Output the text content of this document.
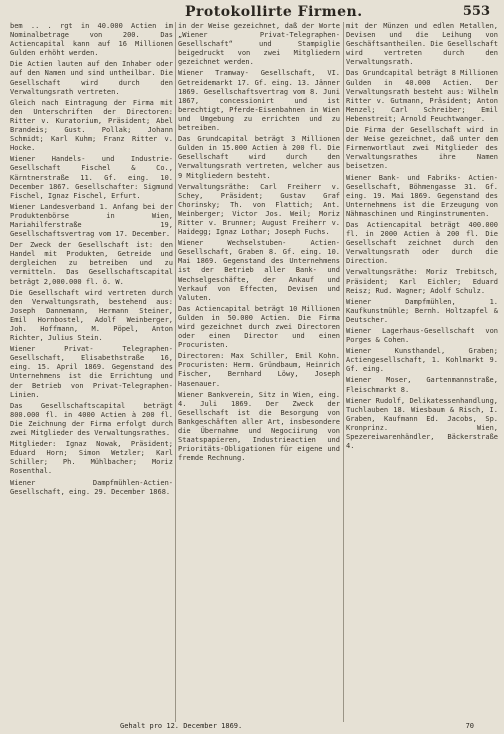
Protokollirte Firmen.	553

bem .. . rgt in 40.000 Actien im Nominalbetrage von 200. Das Actiencapital kann auf 16 Millionen Gulden erhöht werden.

Die Actien lauten auf den Inhaber oder auf den Namen und sind untheilbar. Die Gesellschaft wird durch den Verwaltungsrath vertreten.

Gleich nach Eintragung der Firma mit den Unterschriften der Directoren: Ritter v. Kuratorium, Präsident; Abel Brandeis; Gust. Pollak; Johann Schmidt; Karl Kuhm; Franz Ritter v. Hocke.

Wiener Handels- und Industrie-Gesellschaft Fischel & Co., Kärntnerstraße 11. Gf. eing. 10. December 1867. Gesellschafter: Sigmund Fischel, Ignaz Fischel, Erfurt.

Wiener Landesverband 1. Anfang bei der Produktenbörse in Wien, Mariahilferstraße 19, Gesellschaftsvertrag vom 17. December.

Der Zweck der Gesellschaft ist: den Handel mit Produkten, Getreide und dergleichen zu betreiben und zu vermitteln. Das Gesellschaftscapital beträgt 2,000.000 fl. ö. W.

Die Gesellschaft wird vertreten durch den Verwaltungsrath, bestehend aus: Joseph Dannemann, Hermann Steiner, Emil Hornbostel, Adolf Weinberger, Joh. Hoffmann, M. Pöpel, Anton Richter, Julius Stein.

Wiener Privat- Telegraphen- Gesellschaft, Elisabethstraße 16, eing. 15. April 1869. Gegenstand des Unternehmens ist die Errichtung und der Betrieb von Privat-Telegraphen-Linien.

Das Gesellschaftscapital beträgt 800.000 fl. in 4000 Actien à 200 fl. Die Zeichnung der Firma erfolgt durch zwei Mitglieder des Verwaltungsrathes.

Mitglieder: Ignaz Nowak, Präsident; Eduard Horn; Simon Wetzler; Karl Schiller; Ph. Mühlbacher; Moriz Rosenthal.

Wiener Dampfmühlen-Actien-Gesellschaft, eing. 29. December 1868.

in der Weise gezeichnet, daß der Worte „Wiener Privat-Telegraphen-Gesellschaft“ und Stampiglie beigedruckt von zwei Mitgliedern gezeichnet werden.

Wiener Tramway- Gesellschaft, VI. Getreidemarkt 17. Gf. eing. 13. Jänner 1869. Gesellschaftsvertrag vom 8. Juni 1867, concessionirt und ist berechtigt, Pferde-Eisenbahnen in Wien und Umgebung zu errichten und zu betreiben.

Das Grundcapital beträgt 3 Millionen Gulden in 15.000 Actien à 200 fl. Die Gesellschaft wird durch den Verwaltungsrath vertreten, welcher aus 9 Mitgliedern besteht.

Verwaltungsräthe: Carl Freiherr v. Schey, Präsident; Gustav Graf Chorinsky; Th. von Flattich; Ant. Weinberger; Victor Jos. Weil; Moriz Ritter v. Brunner; August Freiherr v. Haidegg; Ignaz Lothar; Joseph Fuchs.

Wiener Wechselstuben- Actien- Gesellschaft, Graben 8. Gf. eing. 10. Mai 1869. Gegenstand des Unternehmens ist der Betrieb aller Bank- und Wechselgeschäfte, der Ankauf und Verkauf von Effecten, Devisen und Valuten.

Das Actiencapital beträgt 10 Millionen Gulden in 50.000 Actien. Die Firma wird gezeichnet durch zwei Directoren oder einen Director und einen Procuristen.

Directoren: Max Schiller, Emil Kohn. Procuristen: Herm. Gründbaum, Heinrich Fischer, Bernhard Löwy, Joseph Hasenauer.

Wiener Bankverein, Sitz in Wien, eing. 4. Juli 1869. Der Zweck der Gesellschaft ist die Besorgung von Bankgeschäften aller Art, insbesondere die Übernahme und Negociirung von Staatspapieren, Industrieactien und Prioritäts-Obligationen für eigene und fremde Rechnung.

mit der Münzen und edlen Metallen, Devisen und die Leihung von Geschäftsantheilen. Die Gesellschaft wird vertreten durch den Verwaltungsrath.

Das Grundcapital beträgt 8 Millionen Gulden in 40.000 Actien. Der Verwaltungsrath besteht aus: Wilhelm Ritter v. Gutmann, Präsident; Anton Menzel; Carl Schreiber; Emil Hebenstreit; Arnold Feuchtwanger.

Die Firma der Gesellschaft wird in der Weise gezeichnet, daß unter dem Firmenwortlaut zwei Mitglieder des Verwaltungsrathes ihre Namen beisetzen.

Wiener Bank- und Fabriks- Actien- Gesellschaft, Böhmengasse 31. Gf. eing. 19. Mai 1869. Gegenstand des Unternehmens ist die Erzeugung von Nähmaschinen und Ringinstrumenten.

Das Actiencapital beträgt 400.000 fl. in 2000 Actien à 200 fl. Die Gesellschaft zeichnet durch den Verwaltungsrath oder durch die Direction.

Verwaltungsräthe: Moriz Trebitsch, Präsident; Karl Eichler; Eduard Reisz; Rud. Wagner; Adolf Schulz.

Wiener Dampfmühlen, 1. Kaufkunstmühle; Bernh. Holtzapfel & Deutscher.

Wiener Lagerhaus-Gesellschaft von Porges & Cohen.

Wiener Kunsthandel, Graben; Actiengesellschaft, 1. Kohlmarkt 9. Gf. eing.

Wiener Moser, Gartenmannstraße, Fleischmarkt 8.

Wiener Rudolf, Delikatessenhandlung, Tuchlauben 18. Wiesbaum & Risch, I. Graben, Kaufmann Ed. Jacobs, Sp. Kronprinz. Wien, Spezereiwarenhändler, Bäckerstraße 4.

Gehalt pro 12. December 1869.	70
